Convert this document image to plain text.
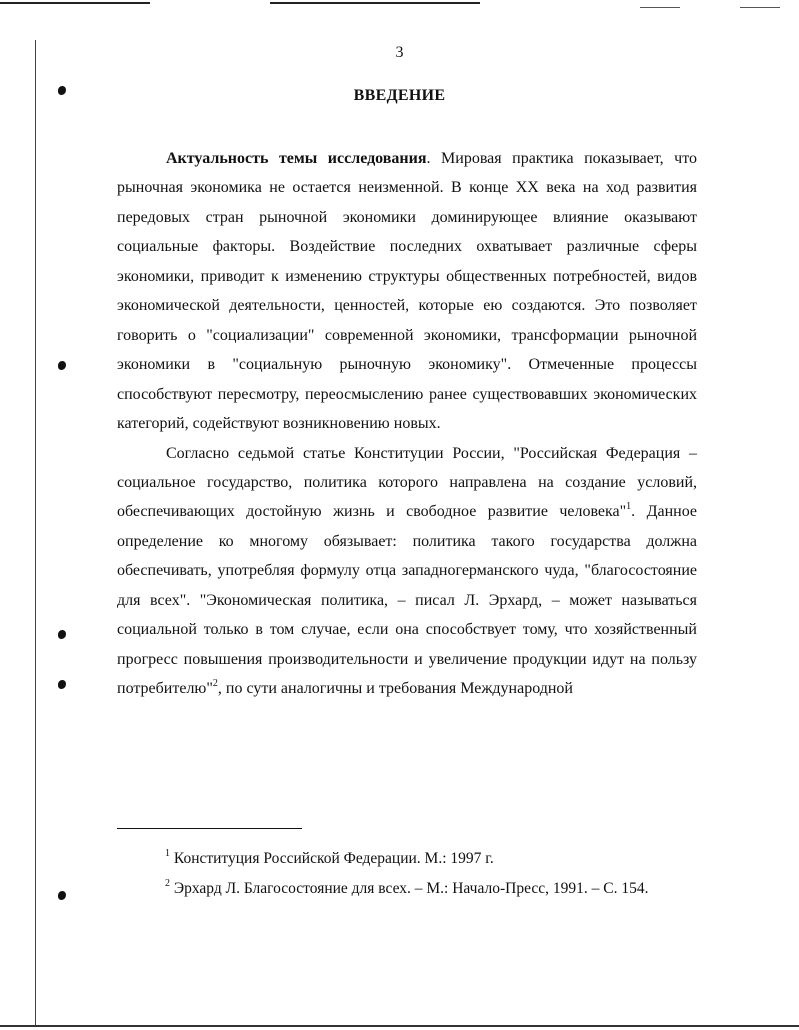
3
ВВЕДЕНИЕ

Актуальность темы исследования. Мировая практика показывает, что рыночная экономика не остается неизменной. В конце XX века на ход развития передовых стран рыночной экономики доминирующее влияние оказывают социальные факторы. Воздействие последних охватывает различные сферы экономики, приводит к изменению структуры общественных потребностей, видов экономической деятельности, ценностей, которые ею создаются. Это позволяет говорить о "социализации" современной экономики, трансформации рыночной экономики в "социальную рыночную экономику". Отмеченные процессы способствуют пересмотру, переосмыслению ранее существовавших экономических категорий, содействуют возникновению новых.

Согласно седьмой статье Конституции России, "Российская Федерация – социальное государство, политика которого направлена на создание условий, обеспечивающих достойную жизнь и свободное развитие человека"$^1$. Данное определение ко многому обязывает: политика такого государства должна обеспечивать, употребляя формулу отца западногерманского чуда, "благосостояние для всех". "Экономическая политика, – писал Л. Эрхард, – может называться социальной только в том случае, если она способствует тому, что хозяйственный прогресс повышения производительности и увеличение продукции идут на пользу потребителю"$^2$, по сути аналогичны и требования Международной

$^1$ Конституция Российской Федерации. М.: 1997 г.

$^2$ Эрхард Л. Благосостояние для всех. – М.: Начало-Пресс, 1991. – С. 154.
